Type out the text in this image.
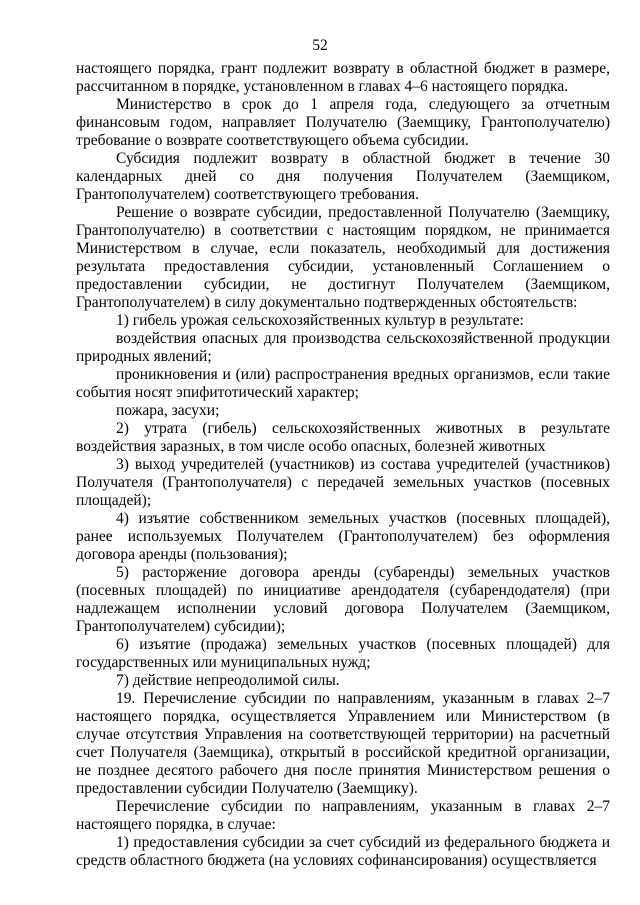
52

настоящего порядка, грант подлежит возврату в областной бюджет в размере, рассчитанном в порядке, установленном в главах 4–6 настоящего порядка.

Министерство в срок до 1 апреля года, следующего за отчетным финансовым годом, направляет Получателю (Заемщику, Грантополучателю) требование о возврате соответствующего объема субсидии.

Субсидия подлежит возврату в областной бюджет в течение 30 календарных дней со дня получения Получателем (Заемщиком, Грантополучателем) соответствующего требования.

Решение о возврате субсидии, предоставленной Получателю (Заемщику, Грантополучателю) в соответствии с настоящим порядком, не принимается Министерством в случае, если показатель, необходимый для достижения результата предоставления субсидии, установленный Соглашением о предоставлении субсидии, не достигнут Получателем (Заемщиком, Грантополучателем) в силу документально подтвержденных обстоятельств:

1) гибель урожая сельскохозяйственных культур в результате:

воздействия опасных для производства сельскохозяйственной продукции природных явлений;

проникновения и (или) распространения вредных организмов, если такие события носят эпифитотический характер;

пожара, засухи;

2) утрата (гибель) сельскохозяйственных животных в результате воздействия заразных, в том числе особо опасных, болезней животных

3) выход учредителей (участников) из состава учредителей (участников) Получателя (Грантополучателя) с передачей земельных участков (посевных площадей);

4) изъятие собственником земельных участков (посевных площадей), ранее используемых Получателем (Грантополучателем) без оформления договора аренды (пользования);

5) расторжение договора аренды (субаренды) земельных участков (посевных площадей) по инициативе арендодателя (субарендодателя) (при надлежащем исполнении условий договора Получателем (Заемщиком, Грантополучателем) субсидии);

6) изъятие (продажа) земельных участков (посевных площадей) для государственных или муниципальных нужд;

7) действие непреодолимой силы.

19. Перечисление субсидии по направлениям, указанным в главах 2–7 настоящего порядка, осуществляется Управлением или Министерством (в случае отсутствия Управления на соответствующей территории) на расчетный счет Получателя (Заемщика), открытый в российской кредитной организации, не позднее десятого рабочего дня после принятия Министерством решения о предоставлении субсидии Получателю (Заемщику).

Перечисление субсидии по направлениям, указанным в главах 2–7 настоящего порядка, в случае:

1) предоставления субсидии за счет субсидий из федерального бюджета и средств областного бюджета (на условиях софинансирования) осуществляется
